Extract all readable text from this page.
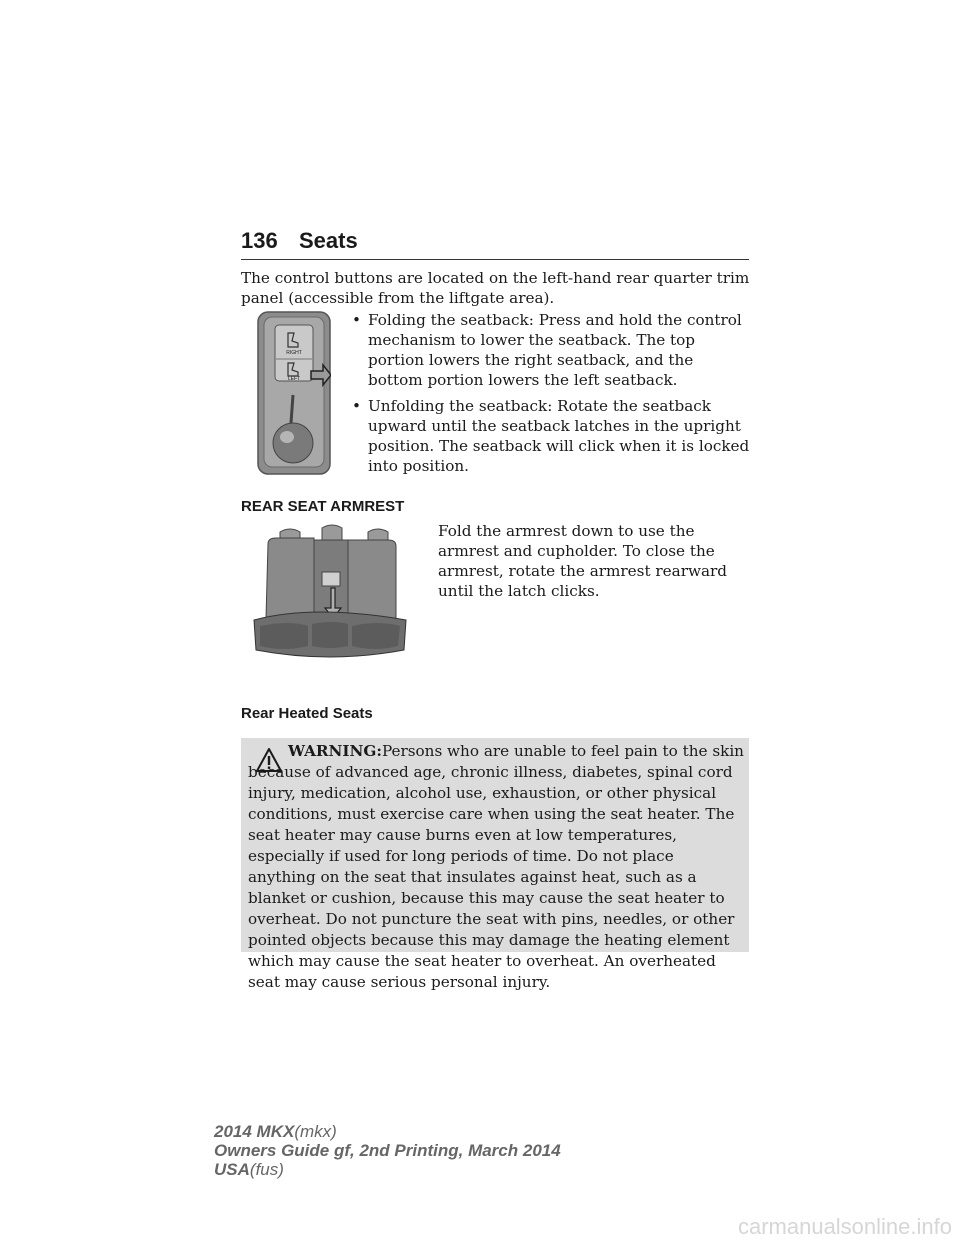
136 Seats
The control buttons are located on the left-hand rear quarter trim panel (accessible from the liftgate area).
RIGHT
LEFT
• Folding the seatback: Press and hold the control mechanism to lower the seatback. The top portion lowers the right seatback, and the bottom portion lowers the left seatback.
• Unfolding the seatback: Rotate the seatback upward until the seatback latches in the upright position. The seatback will click when it is locked into position.
REAR SEAT ARMREST
Fold the armrest down to use the armrest and cupholder. To close the armrest, rotate the armrest rearward until the latch clicks.
Rear Heated Seats
WARNING:Persons who are unable to feel pain to the skin
because of advanced age, chronic illness, diabetes, spinal cord injury, medication, alcohol use, exhaustion, or other physical conditions, must exercise care when using the seat heater. The seat heater may cause burns even at low temperatures, especially if used for long periods of time. Do not place anything on the seat that insulates against heat, such as a blanket or cushion, because this may cause the seat heater to overheat. Do not puncture the seat with pins, needles, or other pointed objects because this may damage the heating element which may cause the seat heater to overheat. An overheated seat may cause serious personal injury.
2014 MKX(mkx)
Owners Guide gf, 2nd Printing, March 2014
USA(fus)
carmanualsonline.info
